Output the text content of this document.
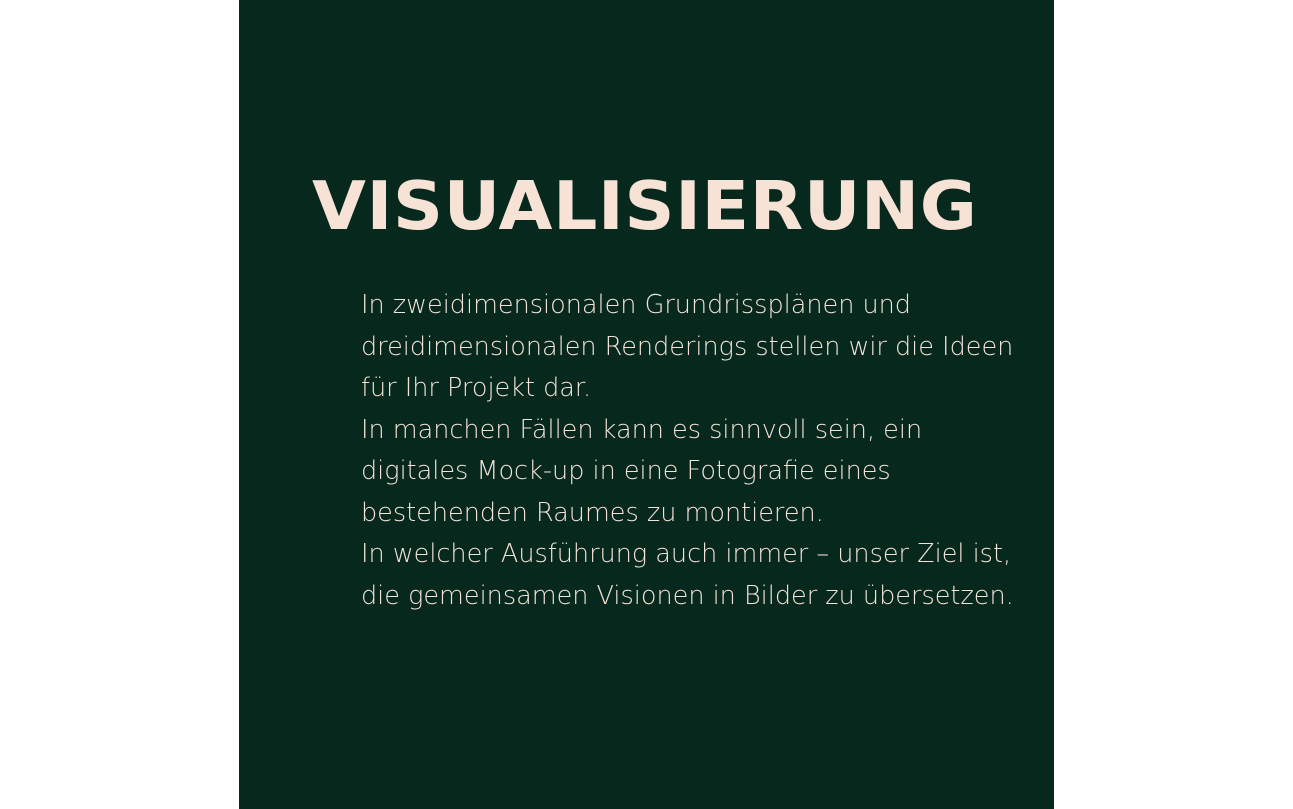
VISUALISIERUNG

In zweidimensionalen Grundrissplänen und dreidimensionalen Renderings stellen wir die Ideen für Ihr Projekt dar.

In manchen Fällen kann es sinnvoll sein, ein digitales Mock-up in eine Fotografie eines bestehenden Raumes zu montieren.

In welcher Ausführung auch immer – unser Ziel ist, die gemeinsamen Visionen in Bilder zu übersetzen.
